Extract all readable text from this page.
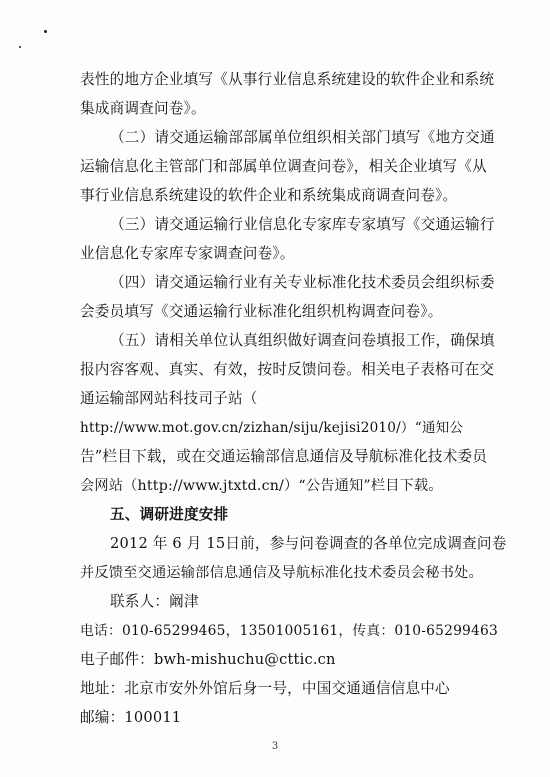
表性的地方企业填写《从事行业信息系统建设的软件企业和系统
集成商调查问卷》。
（二）请交通运输部部属单位组织相关部门填写《地方交通
运输信息化主管部门和部属单位调查问卷》，相关企业填写《从
事行业信息系统建设的软件企业和系统集成商调查问卷》。
（三）请交通运输行业信息化专家库专家填写《交通运输行
业信息化专家库专家调查问卷》。
（四）请交通运输行业有关专业标准化技术委员会组织标委
会委员填写《交通运输行业标准化组织机构调查问卷》。
（五）请相关单位认真组织做好调查问卷填报工作，确保填
报内容客观、真实、有效，按时反馈问卷。相关电子表格可在交
通运输部网站科技司子站（
http://www.mot.gov.cn/zizhan/siju/kejisi2010/）“通知公
告”栏目下载，或在交通运输部信息通信及导航标准化技术委员
会网站（http://www.jtxtd.cn/）“公告通知”栏目下载。
五、调研进度安排
2012 年 6 月 15日前，参与问卷调查的各单位完成调查问卷
并反馈至交通运输部信息通信及导航标准化技术委员会秘书处。
联系人：阚津
电话：010-65299465，13501005161，传真：010-65299463
电子邮件：bwh-mishuchu@cttic.cn
地址：北京市安外外馆后身一号，中国交通通信信息中心
邮编：100011
3
